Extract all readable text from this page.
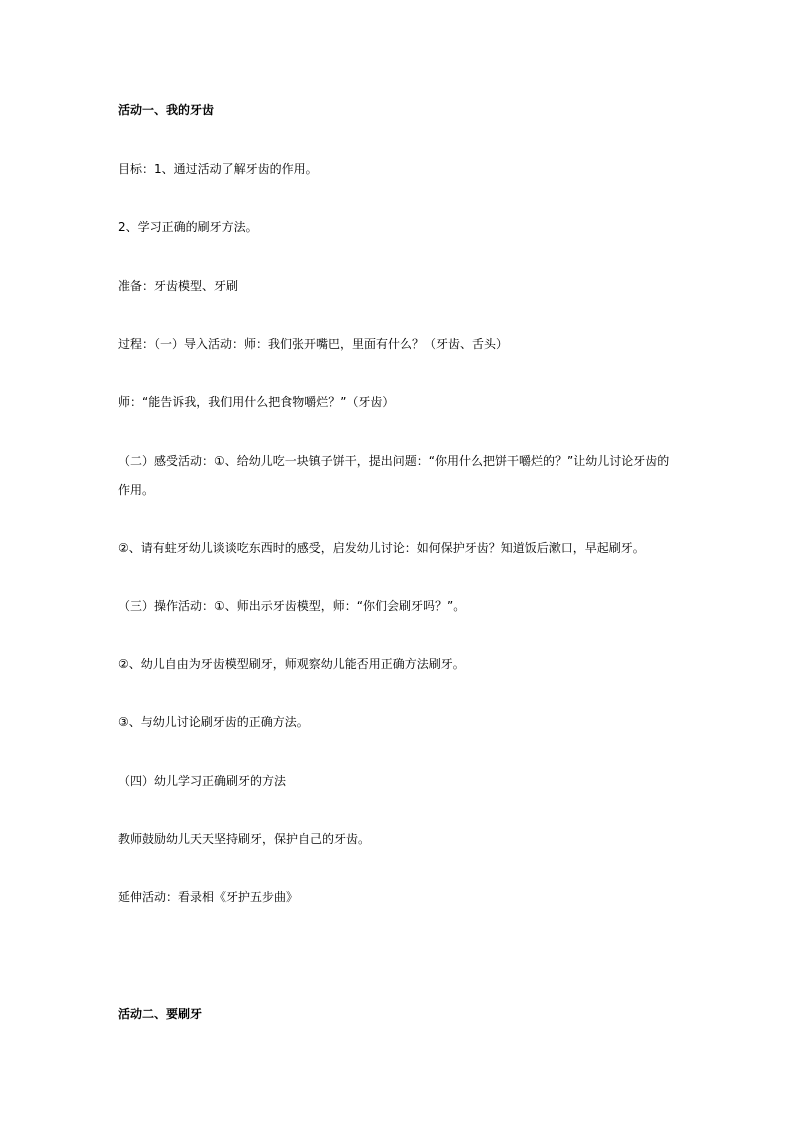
活动一、我的牙齿

目标：1、通过活动了解牙齿的作用。

2、学习正确的刷牙方法。

准备：牙齿模型、牙刷

过程：（一）导入活动：师：我们张开嘴巴，里面有什么？（牙齿、舌头）

师：“能告诉我，我们用什么把食物嚼烂？”（牙齿）

（二）感受活动：①、给幼儿吃一块镇子饼干，提出问题：“你用什么把饼干嚼烂的？”让幼儿讨论牙齿的

作用。

②、请有蛀牙幼儿谈谈吃东西时的感受，启发幼儿讨论：如何保护牙齿？知道饭后漱口，早起刷牙。

（三）操作活动：①、师出示牙齿模型，师：“你们会刷牙吗？”。

②、幼儿自由为牙齿模型刷牙，师观察幼儿能否用正确方法刷牙。

③、与幼儿讨论刷牙齿的正确方法。

（四）幼儿学习正确刷牙的方法

教师鼓励幼儿天天坚持刷牙，保护自己的牙齿。

延伸活动：看录相《牙护五步曲》

活动二、要刷牙
